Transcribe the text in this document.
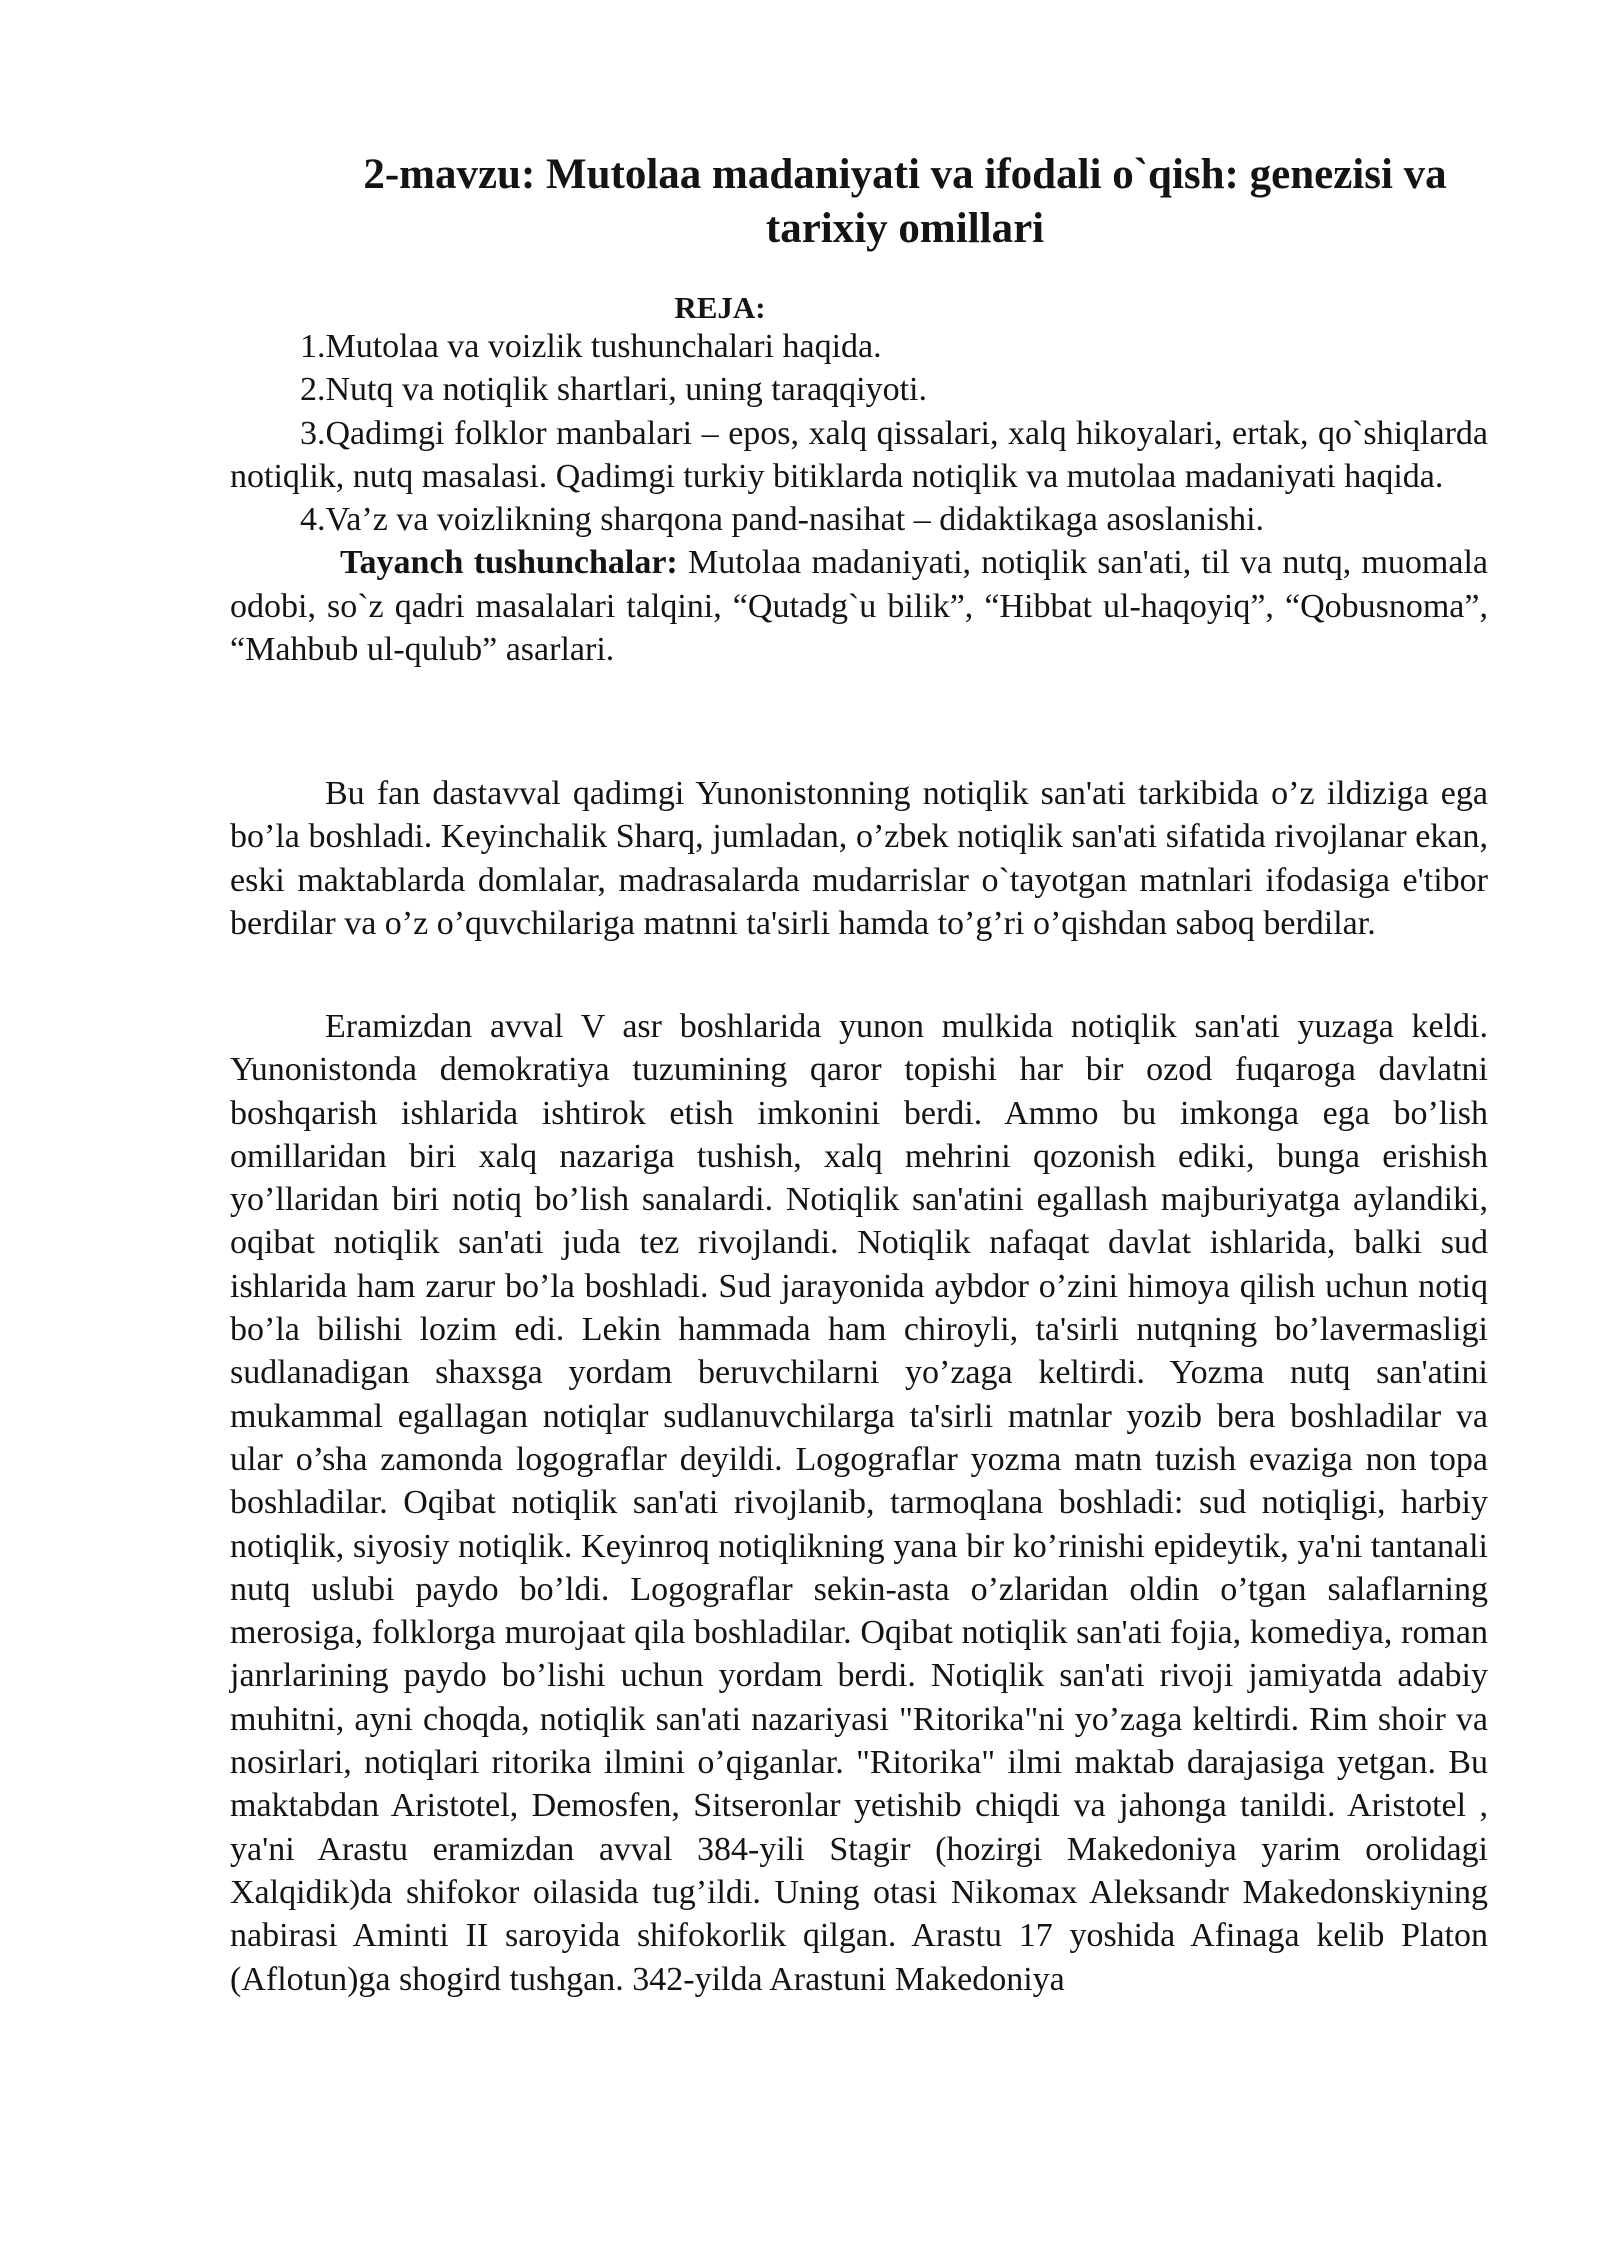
2-mavzu: Mutolaa madaniyati va ifodali o`qish: genezisi va
tarixiy omillari
REJA:

1.Mutolaa va voizlik tushunchalari haqida.

2.Nutq va notiqlik shartlari, uning taraqqiyoti.

3.Qadimgi folklor manbalari – epos, xalq qissalari, xalq hikoyalari, ertak, qo`shiqlarda notiqlik, nutq masalasi. Qadimgi turkiy bitiklarda notiqlik va mutolaa madaniyati haqida.

4.Va’z va voizlikning sharqona pand-nasihat – didaktikaga asoslanishi.

Tayanch tushunchalar: Mutolaa madaniyati, notiqlik san'ati, til va nutq, muomala odobi, so`z qadri masalalari talqini, “Qutadg`u bilik”, “Hibbat ul-haqoyiq”, “Qobusnoma”, “Mahbub ul-qulub” asarlari.

Bu fan dastavval qadimgi Yunonistonning notiqlik san'ati tarkibida o’z ildiziga ega bo’la boshladi. Keyinchalik Sharq, jumladan, o’zbek notiqlik san'ati sifatida rivojlanar ekan, eski maktablarda domlalar, madrasalarda mudarrislar o`tayotgan matnlari ifodasiga e'tibor berdilar va o’z o’quvchilariga matnni ta'sirli hamda to’g’ri o’qishdan saboq berdilar.

Eramizdan avval V asr boshlarida yunon mulkida notiqlik san'ati yuzaga keldi. Yunonistonda demokratiya tuzumining qaror topishi har bir ozod fuqaroga davlatni boshqarish ishlarida ishtirok etish imkonini berdi. Ammo bu imkonga ega bo’lish omillaridan biri xalq nazariga tushish, xalq mehrini qozonish ediki, bunga erishish yo’llaridan biri notiq bo’lish sanalardi. Notiqlik san'atini egallash majburiyatga aylandiki, oqibat notiqlik san'ati juda tez rivojlandi. Notiqlik nafaqat davlat ishlarida, balki sud ishlarida ham zarur bo’la boshladi. Sud jarayonida aybdor o’zini himoya qilish uchun notiq bo’la bilishi lozim edi. Lekin hammada ham chiroyli, ta'sirli nutqning bo’lavermasligi sudlanadigan shaxsga yordam beruvchilarni yo’zaga keltirdi. Yozma nutq san'atini mukammal egallagan notiqlar sudlanuvchilarga ta'sirli matnlar yozib bera boshladilar va ular o’sha zamonda logograflar deyildi. Logograflar yozma matn tuzish evaziga non topa boshladilar. Oqibat notiqlik san'ati rivojlanib, tarmoqlana boshladi: sud notiqligi, harbiy notiqlik, siyosiy notiqlik. Keyinroq notiqlikning yana bir ko’rinishi epideytik, ya'ni tantanali nutq uslubi paydo bo’ldi. Logograflar sekin-asta o’zlaridan oldin o’tgan salaflarning merosiga, folklorga murojaat qila boshladilar. Oqibat notiqlik san'ati fojia, komediya, roman janrlarining paydo bo’lishi uchun yordam berdi. Notiqlik san'ati rivoji jamiyatda adabiy muhitni, ayni choqda, notiqlik san'ati nazariyasi "Ritorika"ni yo’zaga keltirdi. Rim shoir va nosirlari, notiqlari ritorika ilmini o’qiganlar. "Ritorika" ilmi maktab darajasiga yetgan. Bu maktabdan Aristotel, Demosfen, Sitseronlar yetishib chiqdi va jahonga tanildi. Aristotel , ya'ni Arastu eramizdan avval 384-yili Stagir (hozirgi Makedoniya yarim orolidagi Xalqidik)da shifokor oilasida tug’ildi. Uning otasi Nikomax Aleksandr Makedonskiyning nabirasi Aminti II saroyida shifokorlik qilgan. Arastu 17 yoshida Afinaga kelib Platon (Aflotun)ga shogird tushgan. 342-yilda Arastuni Makedoniya
